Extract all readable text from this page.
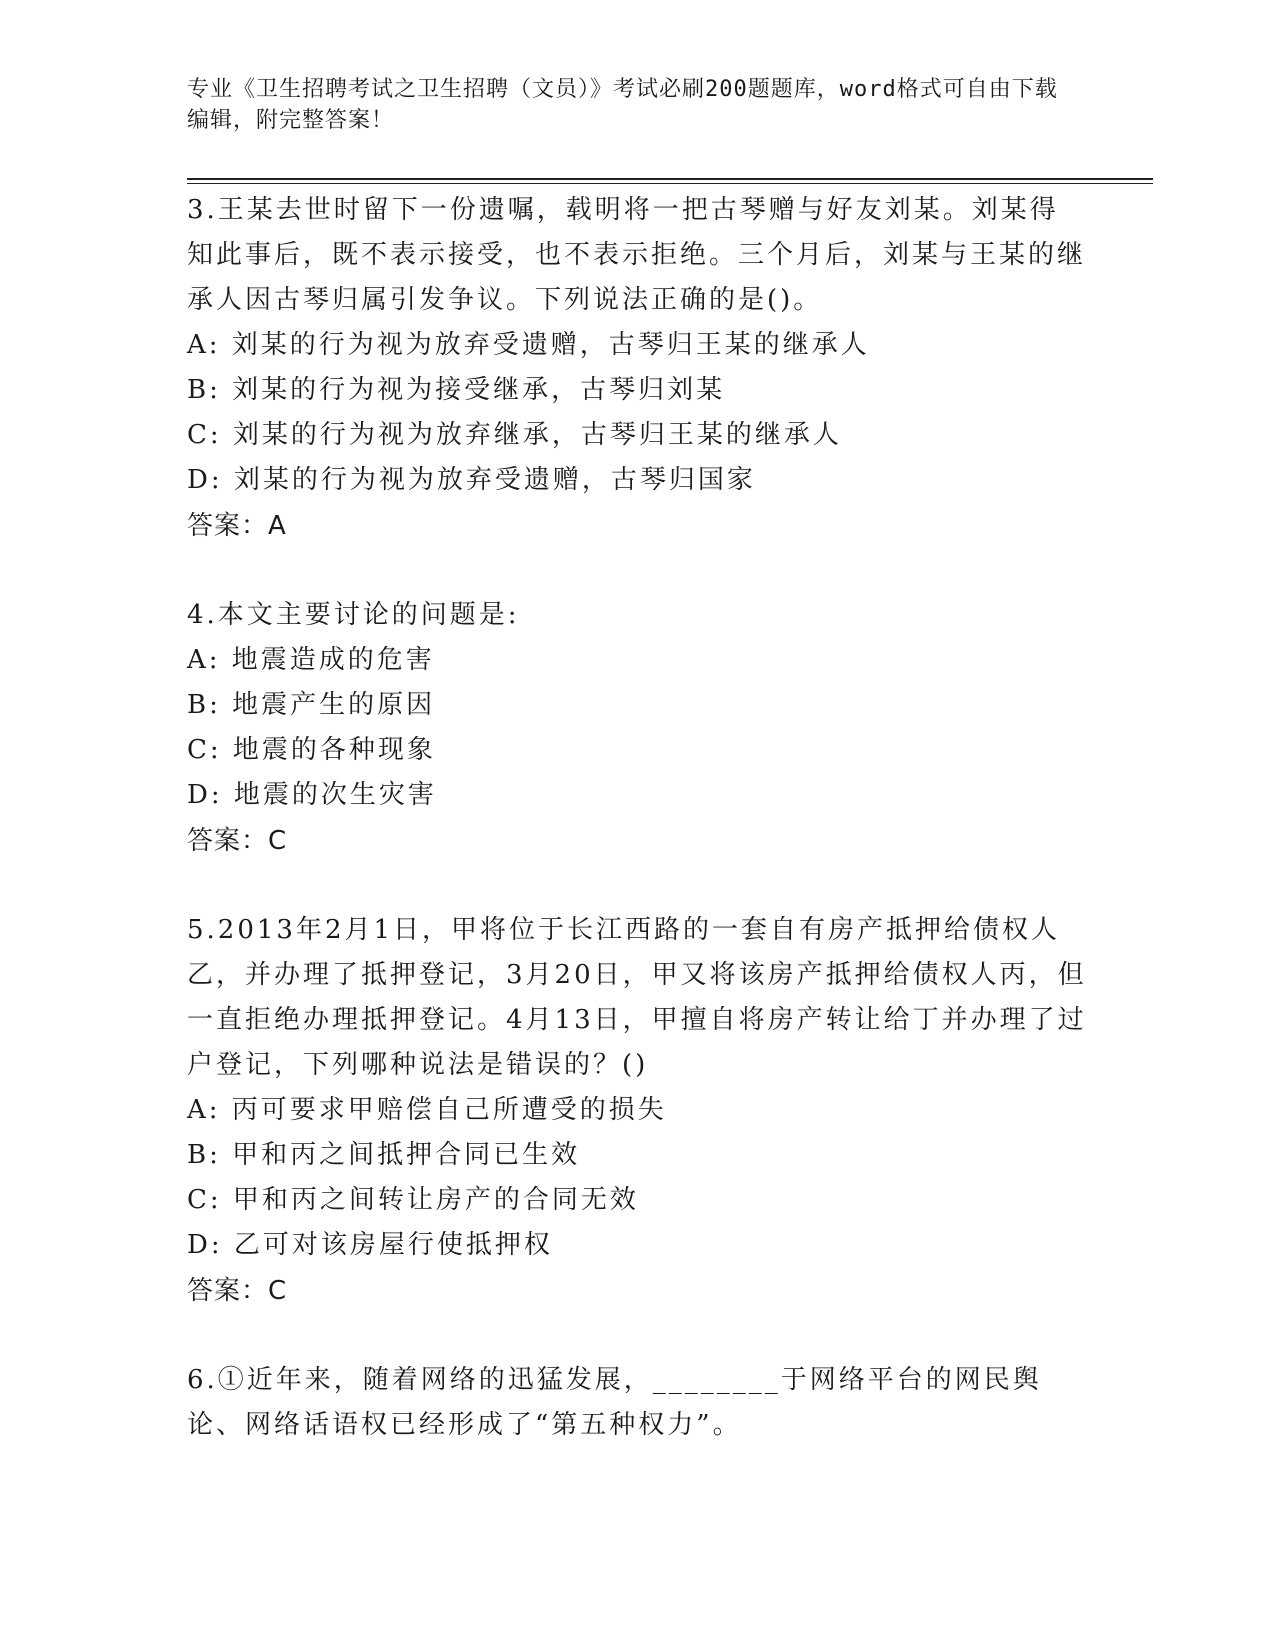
专业《卫生招聘考试之卫生招聘（文员）》考试必刷200题题库，word格式可自由下载编辑，附完整答案！

3.王某去世时留下一份遗嘱，载明将一把古琴赠与好友刘某。刘某得知此事后，既不表示接受，也不表示拒绝。三个月后，刘某与王某的继承人因古琴归属引发争议。下列说法正确的是()。

A: 刘某的行为视为放弃受遗赠，古琴归王某的继承人

B: 刘某的行为视为接受继承，古琴归刘某

C: 刘某的行为视为放弃继承，古琴归王某的继承人

D: 刘某的行为视为放弃受遗赠，古琴归国家

答案：A

4.本文主要讨论的问题是:

A: 地震造成的危害

B: 地震产生的原因

C: 地震的各种现象

D: 地震的次生灾害

答案：C

5.2013年2月1日，甲将位于长江西路的一套自有房产抵押给债权人乙，并办理了抵押登记，3月20日，甲又将该房产抵押给债权人丙，但一直拒绝办理抵押登记。4月13日，甲擅自将房产转让给丁并办理了过户登记，下列哪种说法是错误的？()

A: 丙可要求甲赔偿自己所遭受的损失

B: 甲和丙之间抵押合同已生效

C: 甲和丙之间转让房产的合同无效

D: 乙可对该房屋行使抵押权

答案：C

6.①近年来，随着网络的迅猛发展，________于网络平台的网民舆论、网络话语权已经形成了“第五种权力”。
